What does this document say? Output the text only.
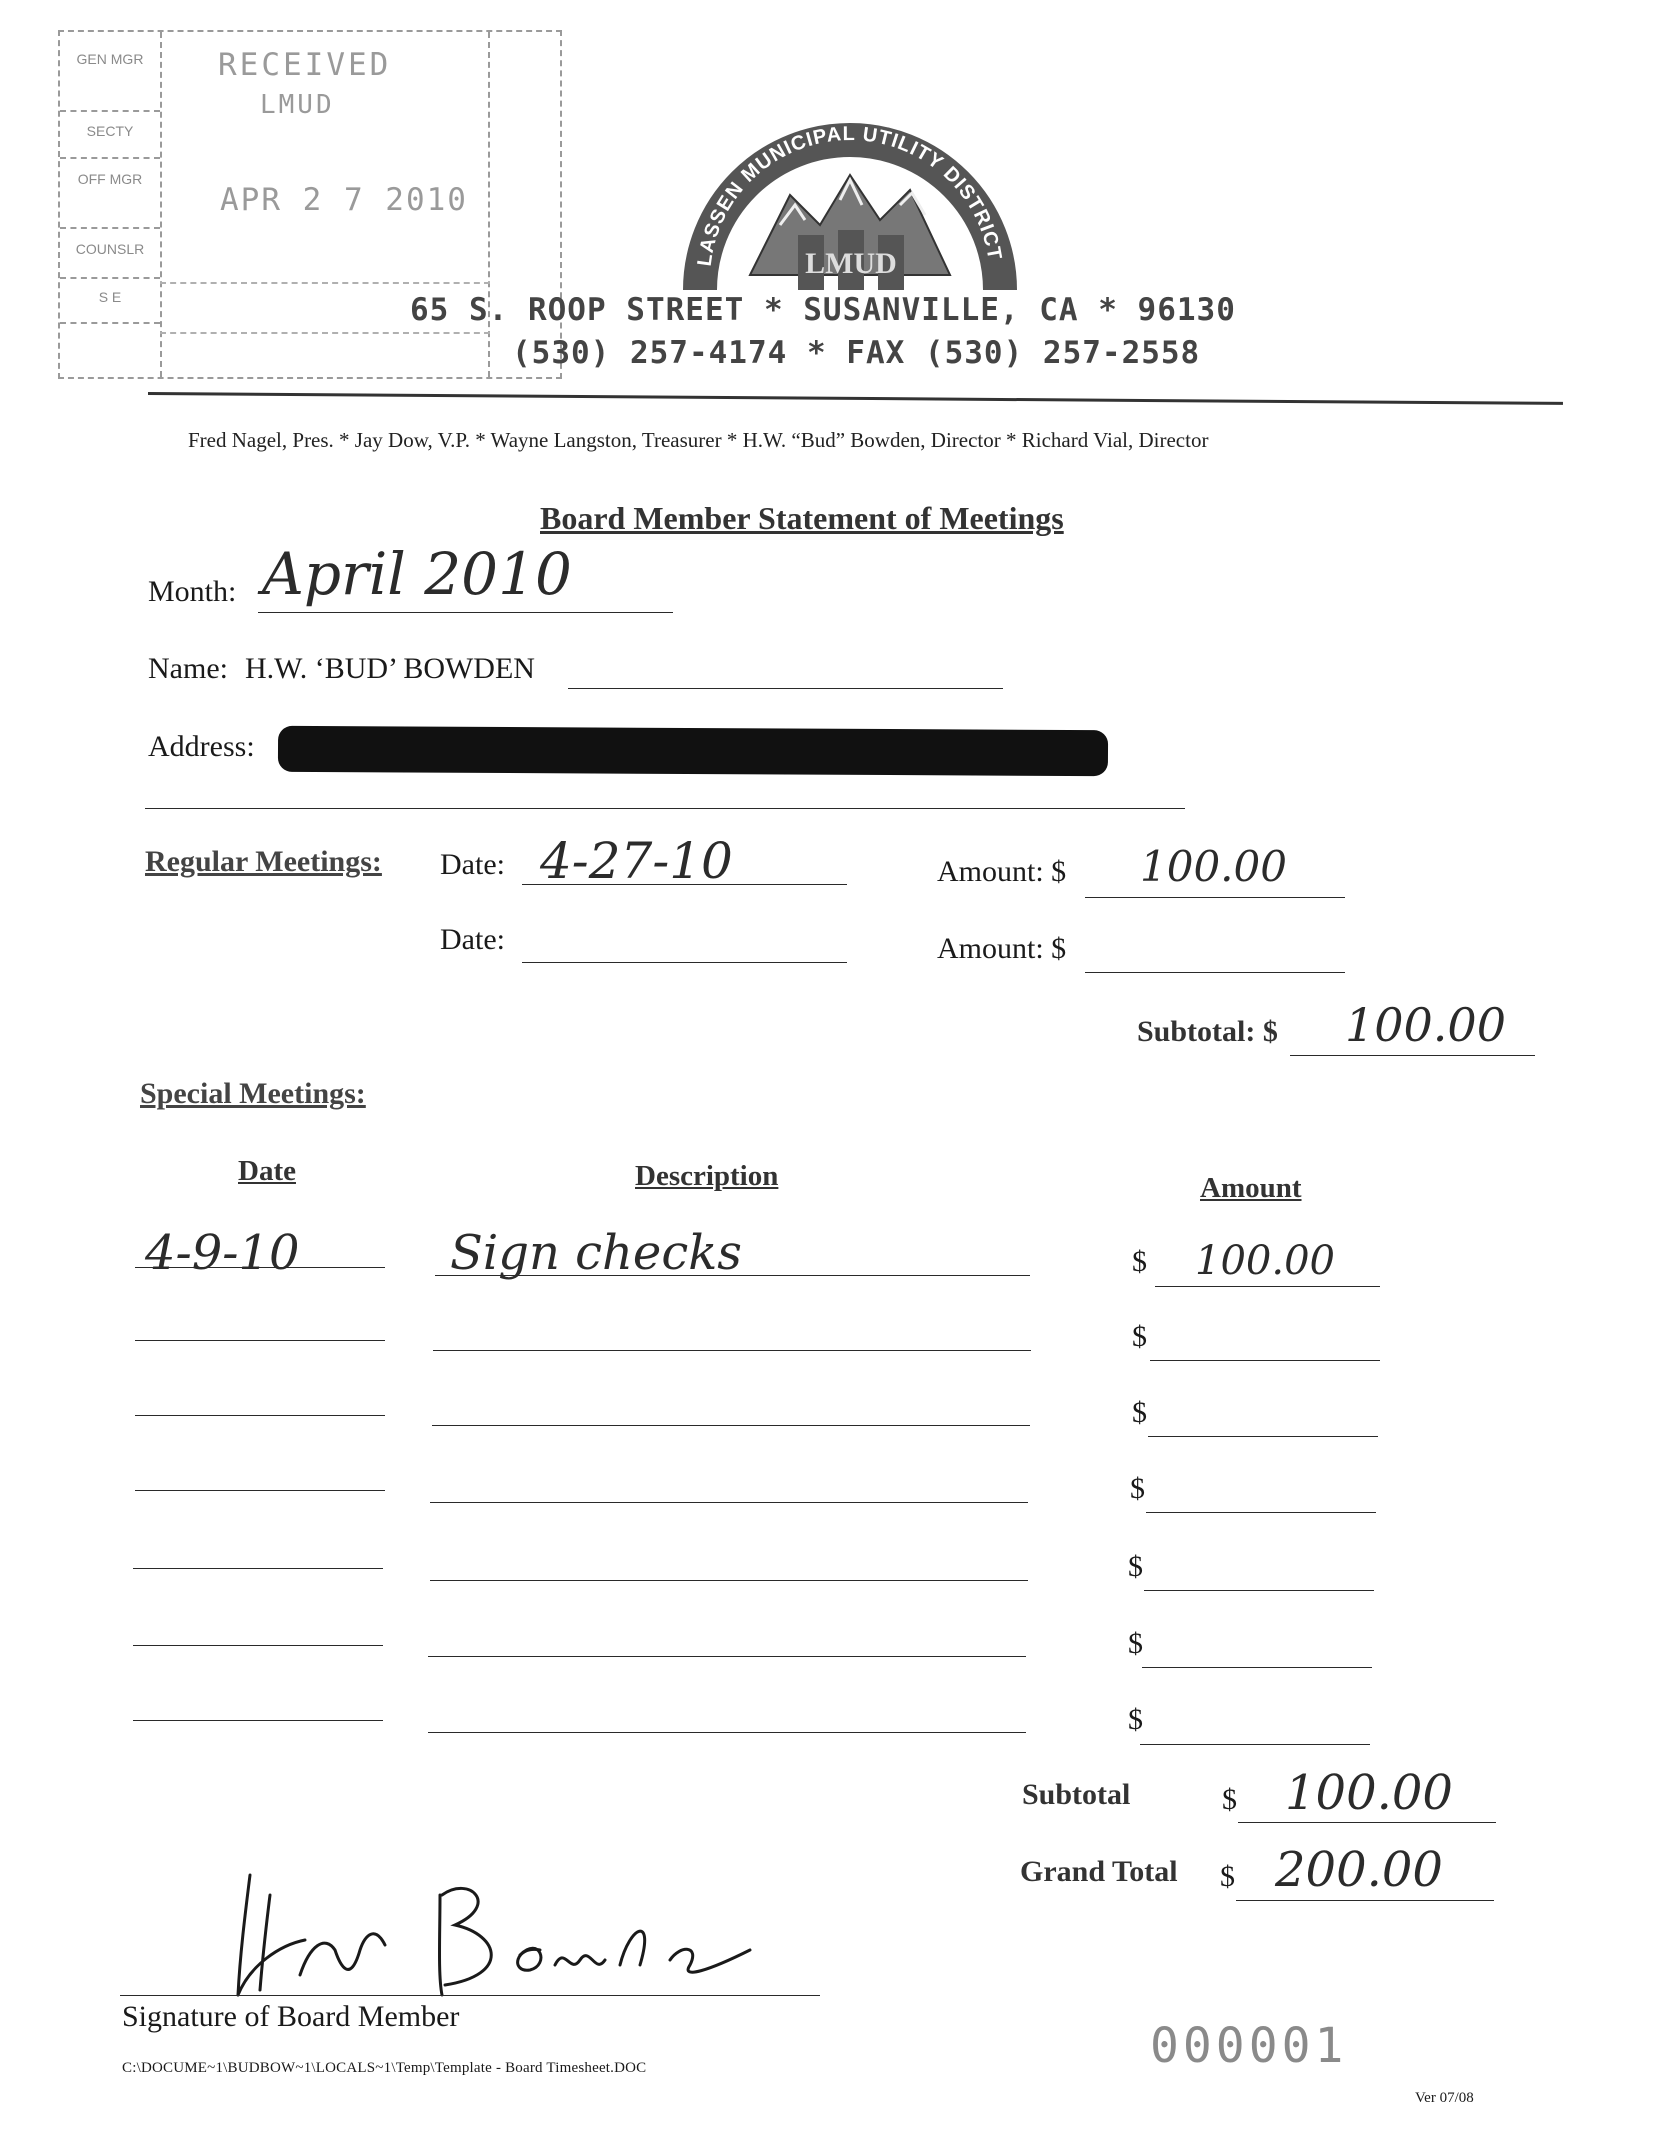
GEN MGR
SECTY
OFF MGR
COUNSLR
S E
RECEIVED
LMUD
APR 2 7 2010
LASSEN MUNICIPAL UTILITY DISTRICT
LMUD
65 S. ROOP STREET * SUSANVILLE, CA * 96130
(530) 257-4174 * FAX (530) 257-2558
Fred Nagel, Pres. * Jay Dow, V.P. * Wayne Langston, Treasurer * H.W. “Bud” Bowden, Director * Richard Vial, Director
Board Member Statement of Meetings
Month: April 2010
Name: H.W. ‘BUD’ BOWDEN
Address:
Regular Meetings: Date: 4-27-10	Amount: $ 100.00
Date:	Amount: $
Subtotal: $ 100.00
Special Meetings:
Date	Description	Amount
4-9-10	Sign checks	$ 100.00
$
$
$
$
$
$
Subtotal	$ 100.00
Grand Total $ 200.00
Signature of Board Member
C:\DOCUME~1\BUDBOW~1\LOCALS~1\Temp\Template - Board Timesheet.DOC	000001
Ver 07/08
